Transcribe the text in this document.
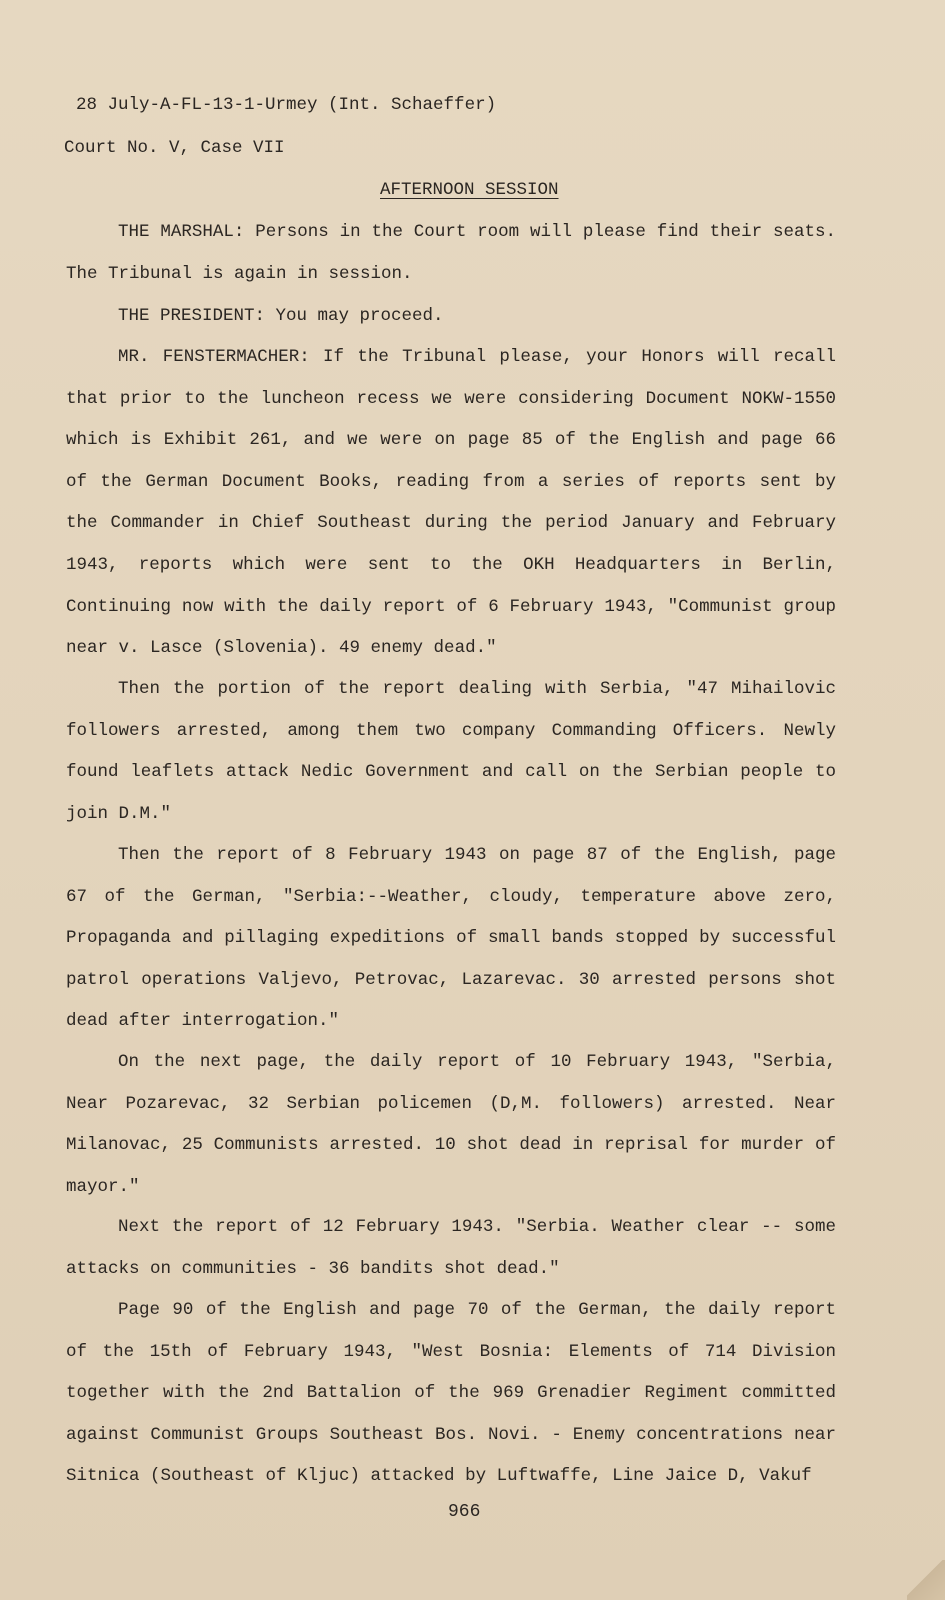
28 July-A-FL-13-1-Urmey (Int. Schaeffer)
Court No. V, Case VII
AFTERNOON SESSION

THE MARSHAL: Persons in the Court room will please find their seats. The Tribunal is again in session.

THE PRESIDENT: You may proceed.

MR. FENSTERMACHER: If the Tribunal please, your Honors will recall that prior to the luncheon recess we were considering Document NOKW-1550 which is Exhibit 261, and we were on page 85 of the English and page 66 of the German Document Books, reading from a series of reports sent by the Commander in Chief Southeast during the period January and February 1943, reports which were sent to the OKH Headquarters in Berlin, Continuing now with the daily report of 6 February 1943, "Communist group near v. Lasce (Slovenia). 49 enemy dead."

Then the portion of the report dealing with Serbia, "47 Mihailovic followers arrested, among them two company Commanding Officers. Newly found leaflets attack Nedic Government and call on the Serbian people to join D.M."

Then the report of 8 February 1943 on page 87 of the English, page 67 of the German, "Serbia:--Weather, cloudy, temperature above zero, Propaganda and pillaging expeditions of small bands stopped by successful patrol operations Valjevo, Petrovac, Lazarevac. 30 arrested persons shot dead after interrogation."

On the next page, the daily report of 10 February 1943, "Serbia, Near Pozarevac, 32 Serbian policemen (D,M. followers) arrested. Near Milanovac, 25 Communists arrested. 10 shot dead in reprisal for murder of mayor."

Next the report of 12 February 1943. "Serbia. Weather clear -- some attacks on communities - 36 bandits shot dead."

Page 90 of the English and page 70 of the German, the daily report of the 15th of February 1943, "West Bosnia: Elements of 714 Division together with the 2nd Battalion of the 969 Grenadier Regiment committed against Communist Groups Southeast Bos. Novi. - Enemy concentrations near Sitnica (Southeast of Kljuc) attacked by Luftwaffe, Line Jaice D, Vakuf

966
